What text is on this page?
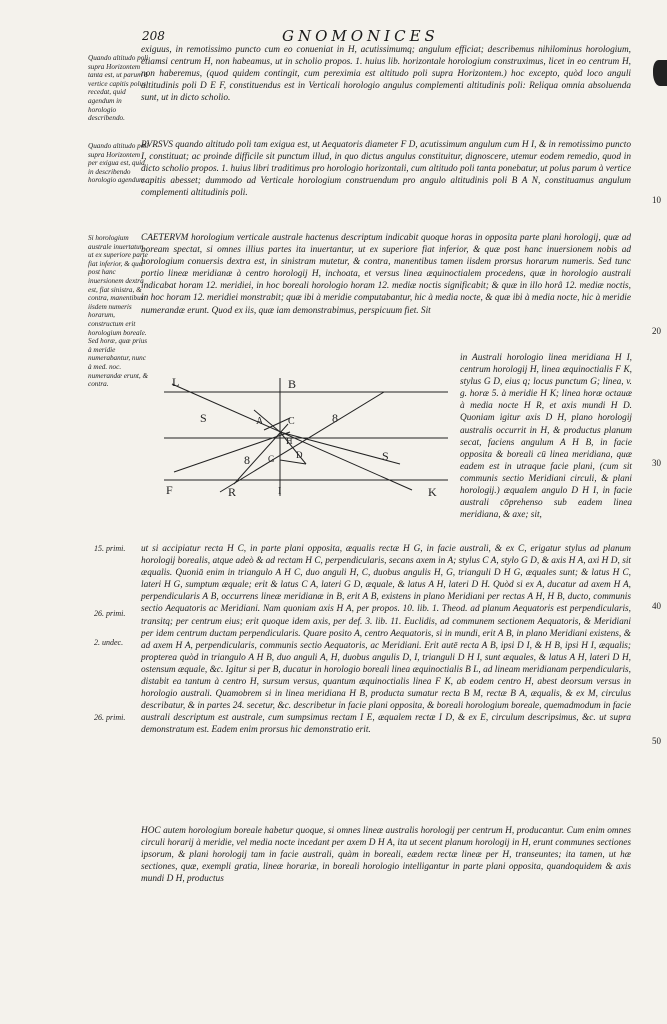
208	GNOMONICES
Quando altitudo poli supra Horizontem tanta est, ut parum à vertice capitis polus recedat, quid agendum in horologio describendo.
Quando altitudo poli supra Horizontem per exigua est, quid in describendo horologio agendum.
Si horologium australe inuertatur, ut ex superiore parte fiat inferior, & quæ post hanc inuersionem dextra est, fiat sinistra, & contra, manentibus iisdem numeris horarum, constructum erit horologium boreale. Sed horæ, quæ prius à meridie numerabantur, nunc à med. noc. numerandæ erunt, & contra.
15. primi.
26. primi.
2. undec.
26. primi.
10
20
30
40
50

exiguus, in remotissimo puncto cum eo conueniat in H, acutissimumq; angulum efficiat; describemus nihilominus horologium, etiamsi centrum H, non habeamus, ut in scholio propos. 1. huius lib. horizontale horologium construximus, licet in eo centrum H, non haberemus, (quod quidem contingit, cum pereximia est altitudo poli supra Horizontem.) hoc excepto, quòd loco anguli altitudinis poli D E F, constituendus est in Verticali horologio angulus complementi altitudinis poli: Reliqua omnia absoluenda sunt, ut in dicto scholio.

RVRSVS quando altitudo poli tam exigua est, ut Aequatoris diameter F D, acutissimum angulum cum H I, & in remotissimo puncto I, constituat; ac proinde difficile sit punctum illud, in quo dictus angulus constituitur, dignoscere, utemur eodem remedio, quod in dicto scholio propos. 1. huius libri traditimus pro horologio horizontali, cum altitudo poli tanta ponebatur, ut polus parum à vertice capitis abesset; dummodo ad Verticale horologium construendum pro angulo altitudinis poli B A N, constituamus angulum complementi altitudinis poli.

CAETERVM horologium verticale australe hactenus descriptum indicabit quoque horas in opposita parte plani horologij, quæ ad boream spectat, si omnes illius partes ita inuertantur, ut ex superiore fiat inferior, & quæ post hanc inuersionem nobis ad horologium conuersis dextra est, in sinistram mutetur, & contra, manentibus tamen iisdem prorsus horarum numeris. Sed tunc portio lineæ meridianæ à centro horologij H, inchoata, et versus linea æquinoctialem procedens, quæ in horologio australi indicabat horam 12. meridiei, in hoc boreali horologio horam 12. mediæ noctis significabit; & quæ in illo horâ 12. mediæ noctis, in hoc horam 12. meridiei monstrabit; quæ ibi à meridie computabantur, hic à media nocte, & quæ ibi à media nocte, hic à meridie numerandæ erunt. Quod ex iis, quæ iam demonstrabimus, perspicuum fiet. Sit

in Australi horologio linea meridiana H I, centrum horologij H, linea æquinoctialis F K, stylus G D, eius q; locus punctum G; linea, v. g. horæ 5. à meridie H K; linea horæ octauæ à media nocte H R, et axis mundi H D. Quoniam igitur axis D H, plano horologij australis occurrit in H, & productus planum secat, faciens angulum A H B, in facie opposita & boreali cū linea meridiana, quæ eadem est in utraque facie plani, (cum sit communis sectio Meridiani circuli, & plani horologij.) æqualem angulo D H I, in facie australi cōprehenso sub eadem linea meridiana, & axe; sit,

ut si accipiatur recta H C, in parte plani opposita, æqualis rectæ H G, in facie australi, & ex C, erigatur stylus ad planum horologij borealis, atque adeò & ad rectam H C, perpendicularis, secans axem in A; stylus C A, stylo G D, & axis H A, axi H D, sit æqualis. Quoniā enim in triangulo A H C, duo anguli H, C, duobus angulis H, G, trianguli D H G, æquales sunt; & latus H C, lateri H G, sumptum æquale; erit & latus C A, lateri G D, æquale, & latus A H, lateri D H. Quòd si ex A, ducatur ad axem H A, perpendicularis A B, occurrens lineæ meridianæ in B, erit A B, existens in plano Meridiani per rectas A H, H B, ducto, communis sectio Aequatoris ac Meridiani. Nam quoniam axis H A, per propos. 10. lib. 1. Theod. ad planum Aequatoris est perpendicularis, transitq; per centrum eius; erit quoque idem axis, per def. 3. lib. 11. Euclidis, ad communem sectionem Aequatoris, & Meridiani per idem centrum ductam perpendicularis. Quare posito A, centro Aequatoris, si in mundi, erit A B, in plano Meridiani existens, & ad axem H A, perpendicularis, communis sectio Aequatoris, ac Meridiani. Erit autē recta A B, ipsi D I, & H B, ipsi H I, æqualis; propterea quòd in triangulo A H B, duo anguli A, H, duobus angulis D, I, trianguli D H I, sunt æquales, & latus A H, lateri D H, ostensum æquale, &c. Igitur si per B, ducatur in horologio boreali linea æquinoctialis B L, ad lineam meridianam perpendicularis, distabit ea tantum à centro H, sursum versus, quantum æquinoctialis linea F K, ab eodem centro H, abest deorsum versus in horologio australi. Quamobrem si in linea meridiana H B, producta sumatur recta B M, rectæ B A, æqualis, & ex M, circulus describatur, & in partes 24. secetur, &c. describetur in facie plani opposita, & boreali horologium boreale, quemadmodum in facie australi descriptum est australe, cum sumpsimus rectam I E, æqualem rectæ I D, & ex E, circulum descripsimus, &c. ut supra demonstratum est. Eadem enim prorsus hic demonstratio erit.

HOC autem horologium boreale habetur quoque, si omnes lineæ australis horologij per centrum H, producantur. Cum enim omnes circuli horarij à meridie, vel media nocte incedant per axem D H A, ita ut secent planum horologij in H, erunt communes sectiones ipsorum, & plani horologij tam in facie australi, quàm in boreali, eædem rectæ lineæ per H, transeuntes; ita tamen, ut hæ sectiones, quæ, exempli gratia, lineæ horariæ, in boreali horologio intelligantur in parte plani opposita, quandoquidem & axis mundi D H, productus

L	B
S	A C
H
8
8
G D	S
F	R	I	K
